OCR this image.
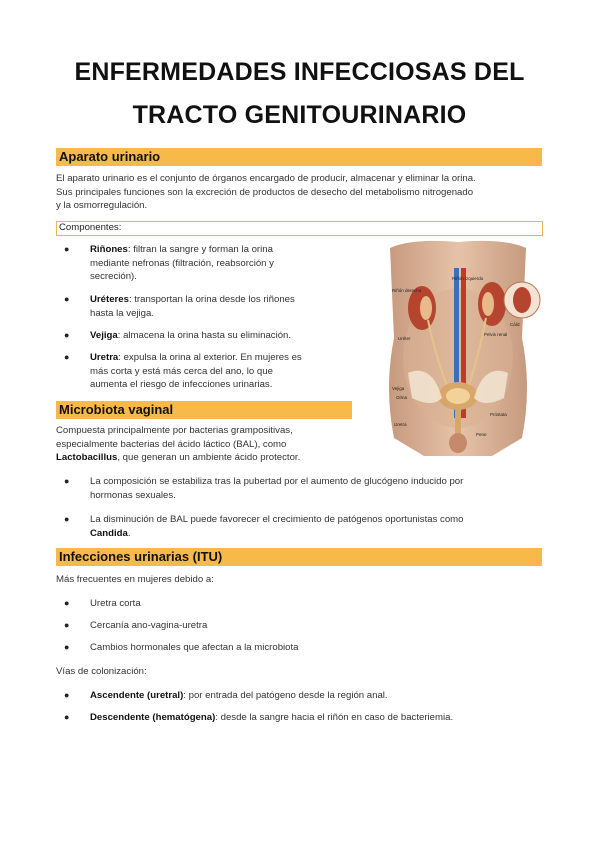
ENFERMEDADES INFECCIOSAS DEL
TRACTO GENITOURINARIO
Aparato urinario
El aparato urinario es el conjunto de órganos encargado de producir, almacenar y eliminar la orina.
Sus principales funciones son la excreción de productos de desecho del metabolismo nitrogenado
y la osmorregulación.
Componentes:
● Riñones: filtran la sangre y forman la orina
mediante nefronas (filtración, reabsorción y
secreción).
● Uréteres: transportan la orina desde los riñones
hasta la vejiga.
● Vejiga: almacena la orina hasta su eliminación.
● Uretra: expulsa la orina al exterior. En mujeres es
más corta y está más cerca del ano, lo que
aumenta el riesgo de infecciones urinarias.
Riñón izquierdo
Riñón derecho
Uréter
Pelvis renal
Vejiga
Orina
Uretra
Próstata
Pene
Cáliz
Microbiota vaginal
Compuesta principalmente por bacterias grampositivas,
especialmente bacterias del ácido láctico (BAL), como
Lactobacillus, que generan un ambiente ácido protector.
● La composición se estabiliza tras la pubertad por el aumento de glucógeno inducido por
hormonas sexuales.
● La disminución de BAL puede favorecer el crecimiento de patógenos oportunistas como
Candida.
Infecciones urinarias (ITU)
Más frecuentes en mujeres debido a:
● Uretra corta
● Cercanía ano-vagina-uretra
● Cambios hormonales que afectan a la microbiota
Vías de colonización:
● Ascendente (uretral): por entrada del patógeno desde la región anal.
● Descendente (hematógena): desde la sangre hacia el riñón en caso de bacteriemia.
